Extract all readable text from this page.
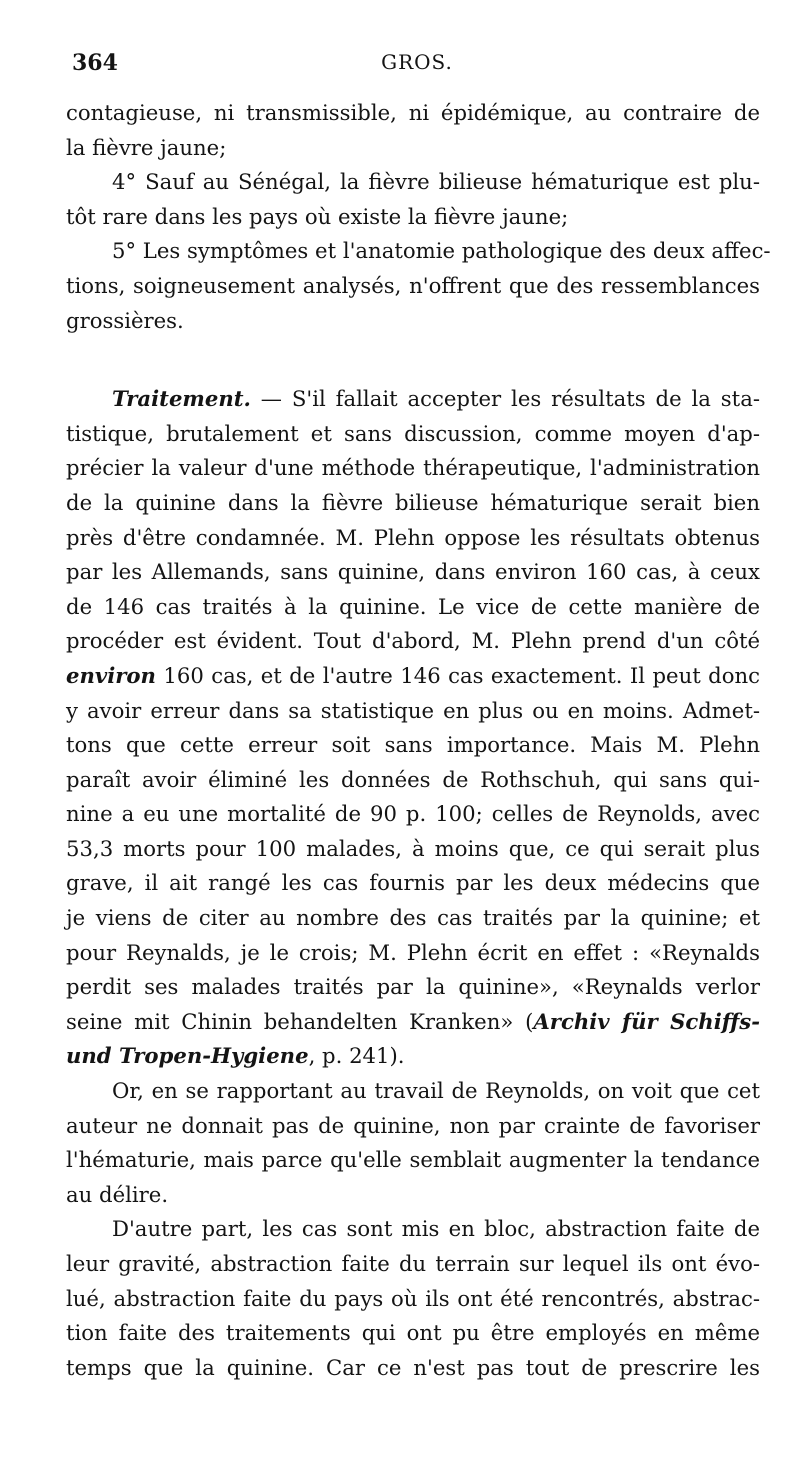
364	GROS.
contagieuse, ni transmissible, ni épidémique, au contraire de
la fièvre jaune;
4° Sauf au Sénégal, la fièvre bilieuse hématurique est plu-
tôt rare dans les pays où existe la fièvre jaune;
5° Les symptômes et l'anatomie pathologique des deux affec-
tions, soigneusement analysés, n'offrent que des ressemblances
grossières.
Traitement. — S'il fallait accepter les résultats de la sta-
tistique, brutalement et sans discussion, comme moyen d'ap-
précier la valeur d'une méthode thérapeutique, l'administration
de la quinine dans la fièvre bilieuse hématurique serait bien
près d'être condamnée. M. Plehn oppose les résultats obtenus
par les Allemands, sans quinine, dans environ 160 cas, à ceux
de 146 cas traités à la quinine. Le vice de cette manière de
procéder est évident. Tout d'abord, M. Plehn prend d'un côté
environ 160 cas, et de l'autre 146 cas exactement. Il peut donc
y avoir erreur dans sa statistique en plus ou en moins. Admet-
tons que cette erreur soit sans importance. Mais M. Plehn
paraît avoir éliminé les données de Rothschuh, qui sans qui-
nine a eu une mortalité de 90 p. 100; celles de Reynolds, avec
53,3 morts pour 100 malades, à moins que, ce qui serait plus
grave, il ait rangé les cas fournis par les deux médecins que
je viens de citer au nombre des cas traités par la quinine; et
pour Reynalds, je le crois; M. Plehn écrit en effet : «Reynalds
perdit ses malades traités par la quinine», «Reynalds verlor
seine mit Chinin behandelten Kranken» (Archiv für Schiffs-
und Tropen-Hygiene, p. 241).
Or, en se rapportant au travail de Reynolds, on voit que cet
auteur ne donnait pas de quinine, non par crainte de favoriser
l'hématurie, mais parce qu'elle semblait augmenter la tendance
au délire.
D'autre part, les cas sont mis en bloc, abstraction faite de
leur gravité, abstraction faite du terrain sur lequel ils ont évo-
lué, abstraction faite du pays où ils ont été rencontrés, abstrac-
tion faite des traitements qui ont pu être employés en même
temps que la quinine. Car ce n'est pas tout de prescrire les
